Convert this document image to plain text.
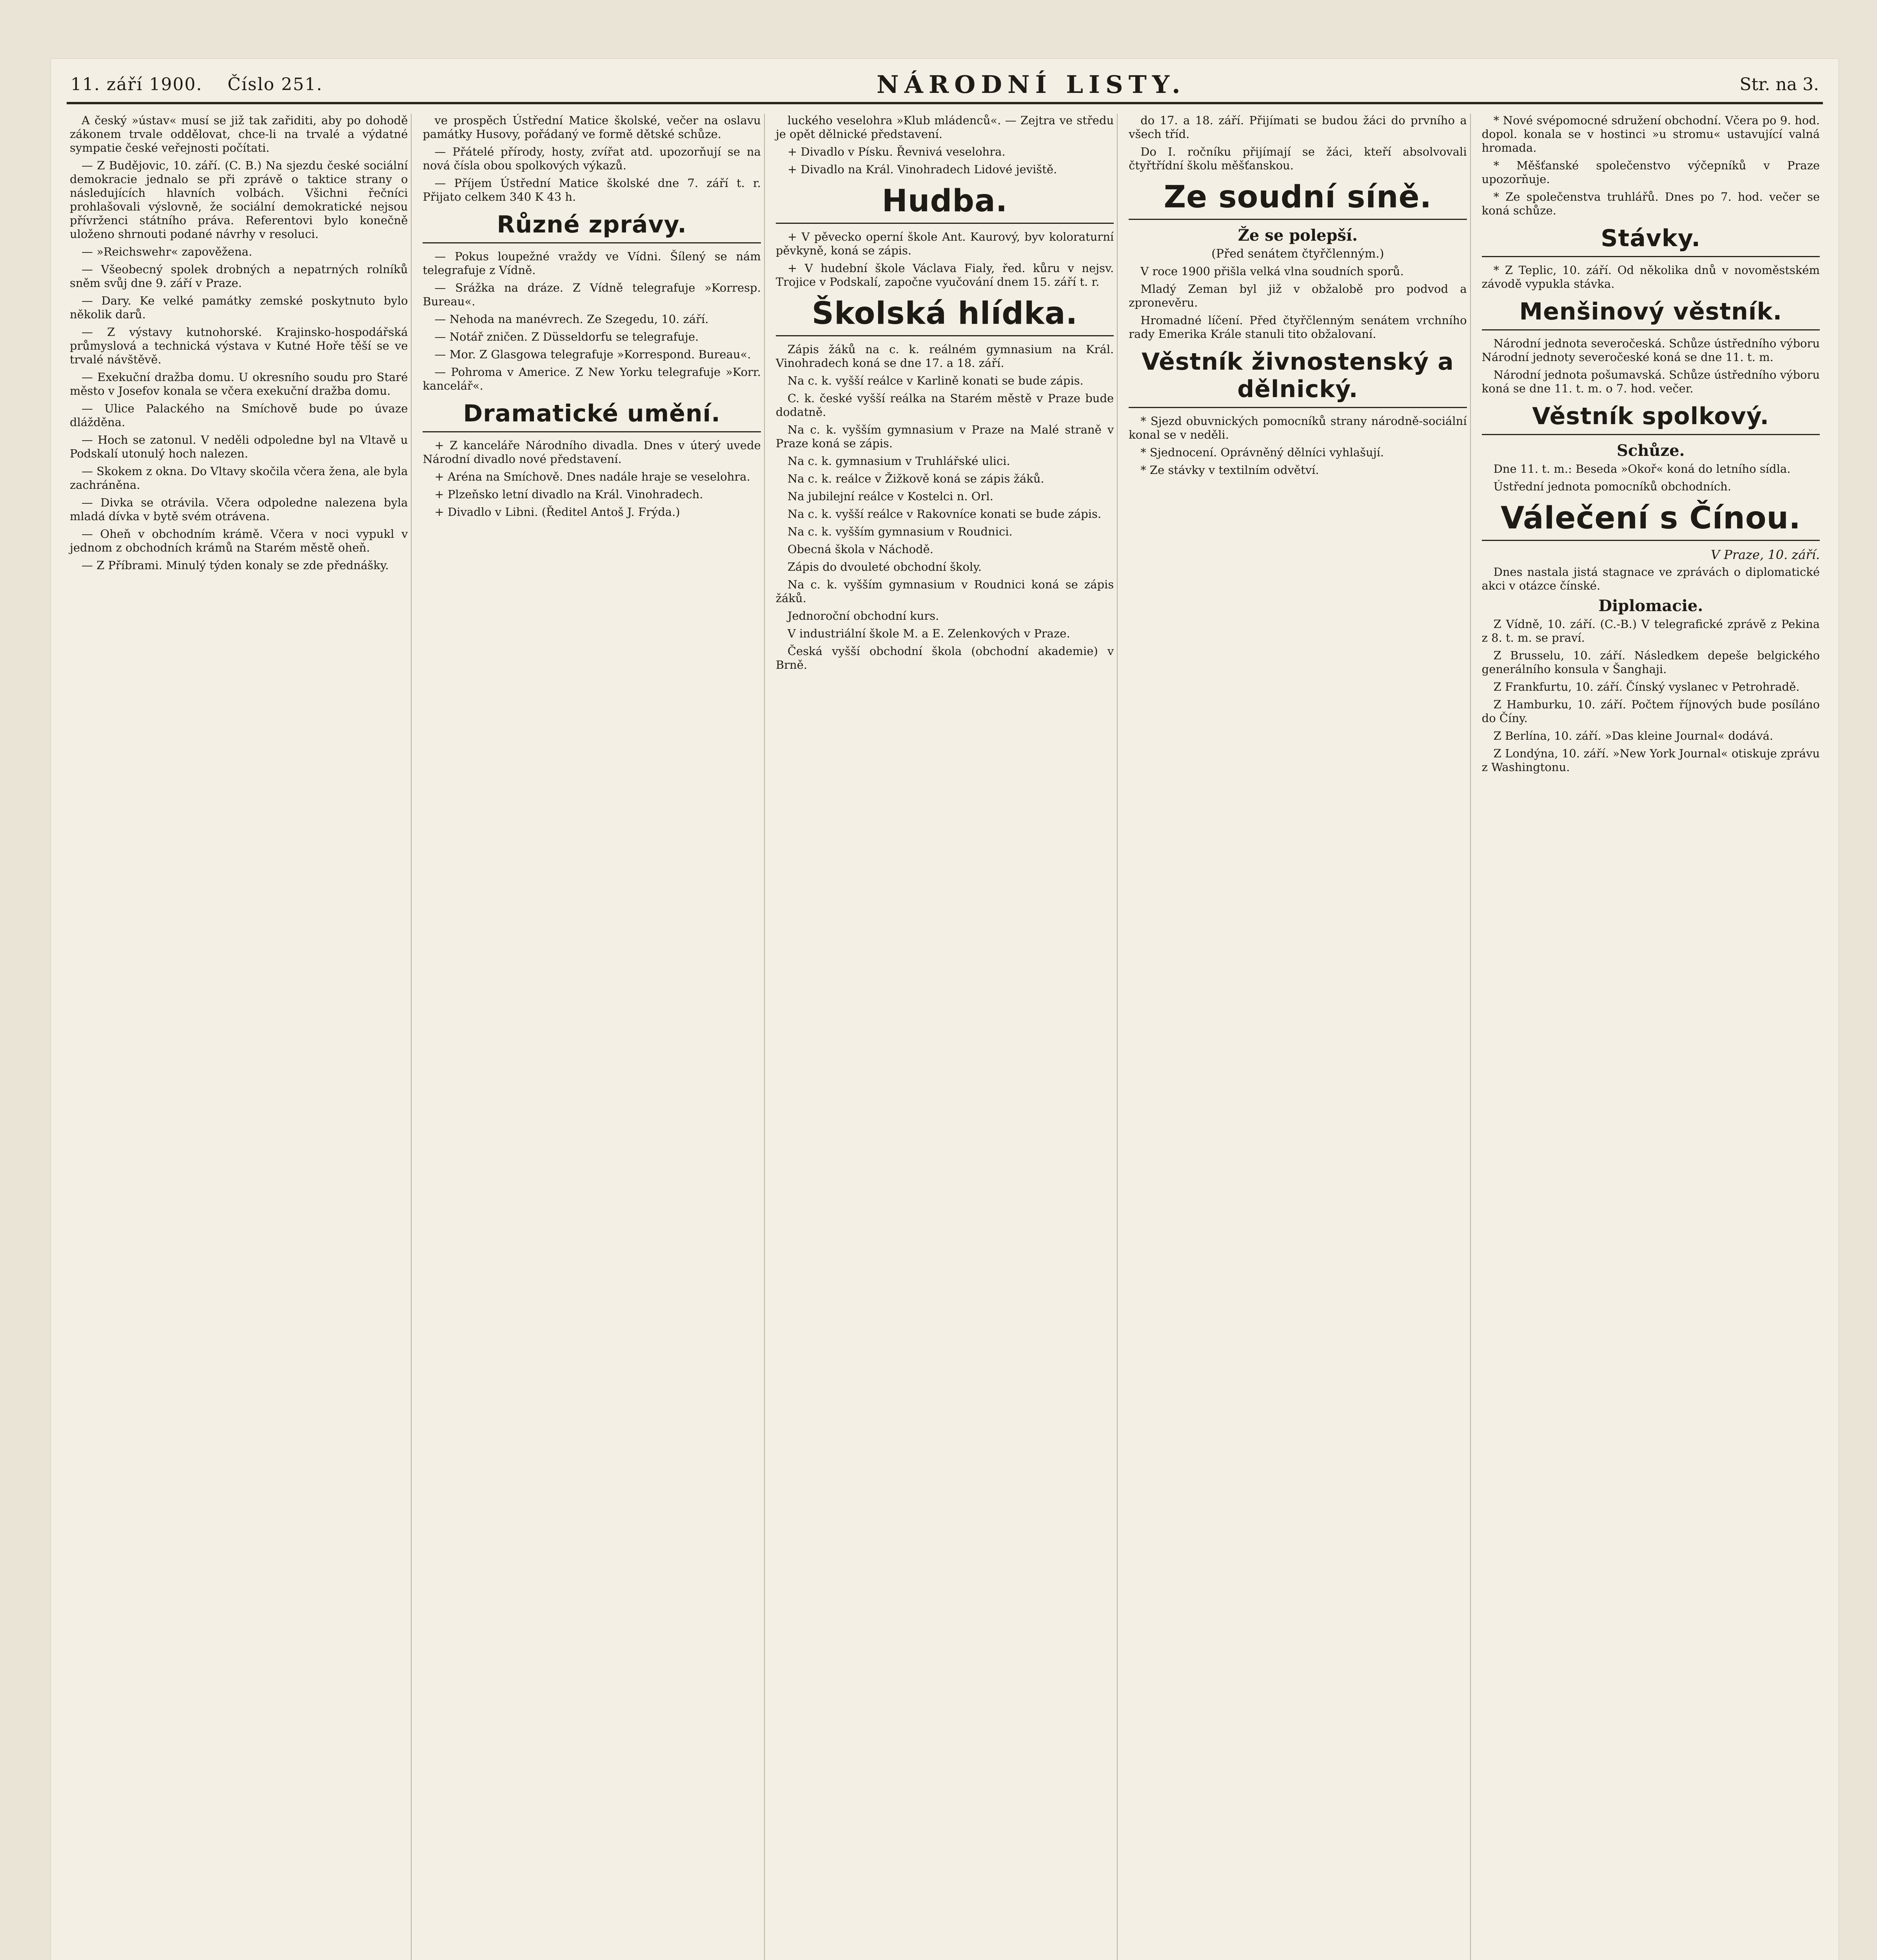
11. září 1900. Číslo 251.	NÁRODNÍ LISTY.	Str. na 3.

A český »ústav« musí se již tak zařiditi, aby po dohodě zákonem trvale oddělovat, chce-li na trvalé a výdatné sympatie české veřejnosti počítati.

— Z Budějovic, 10. září. (C. B.) Na sjezdu české sociální demokracie jednalo se při zprávě o taktice strany o následujících hlavních volbách. Všichni řečníci prohlašovali výslovně, že sociální demokratické nejsou přívrženci státního práva. Referentovi bylo konečně uloženo shrnouti podané návrhy v resoluci.

— »Reichswehr« zapověžena.

— Všeobecný spolek drobných a nepatrných rolníků sněm svůj dne 9. září v Praze.

— Dary. Ke velké památky zemské poskytnuto bylo několik darů.

— Z výstavy kutnohorské. Krajinsko-hospodářská průmyslová a technická výstava v Kutné Hoře těší se ve trvalé návštěvě.

— Exekuční dražba domu. U okresního soudu pro Staré město v Josefov konala se včera exekuční dražba domu.

— Ulice Palackého na Smíchově bude po úvaze dlážděna.

— Hoch se zatonul. V neděli odpoledne byl na Vltavě u Podskalí utonulý hoch nalezen.

— Skokem z okna. Do Vltavy skočila včera žena, ale byla zachráněna.

— Divka se otrávila. Včera odpoledne nalezena byla mladá dívka v bytě svém otrávena.

— Oheň v obchodním krámě. Včera v noci vypukl v jednom z obchodních krámů na Starém městě oheň.

— Z Příbrami. Minulý týden konaly se zde přednášky.

ve prospěch Ústřední Matice školské, večer na oslavu památky Husovy, pořádaný ve formě dětské schůze.

— Přátelé přírody, hosty, zvířat atd. upozorňují se na nová čísla obou spolkových výkazů.

— Příjem Ústřední Matice školské dne 7. září t. r. Přijato celkem 340 K 43 h.

Různé zprávy.

— Pokus loupežné vraždy ve Vídni. Šílený se nám telegrafuje z Vídně.

— Srážka na dráze. Z Vídně telegrafuje »Korresp. Bureau«.

— Nehoda na manévrech. Ze Szegedu, 10. září.

— Notář zničen. Z Düsseldorfu se telegrafuje.

— Mor. Z Glasgowa telegrafuje »Korrespond. Bureau«.

— Pohroma v Americe. Z New Yorku telegrafuje »Korr. kancelář«.

Dramatické umění.

+ Z kanceláře Národního divadla. Dnes v úterý uvede Národní divadlo nové představení.

+ Aréna na Smíchově. Dnes nadále hraje se veselohra.

+ Plzeňsko letní divadlo na Král. Vinohradech.

+ Divadlo v Libni. (Ředitel Antoš J. Frýda.)

luckého veselohra »Klub mládenců«. — Zejtra ve středu je opět dělnické představení.

+ Divadlo v Písku. Řevnivá veselohra.

+ Divadlo na Král. Vinohradech Lidové jeviště.

Hudba.

+ V pěvecko operní škole Ant. Kaurový, byv koloraturní pěvkyně, koná se zápis.

+ V hudební škole Václava Fialy, řed. kůru v nejsv. Trojice v Podskalí, započne vyučování dnem 15. září t. r.

Školská hlídka.

Zápis žáků na c. k. reálném gymnasium na Král. Vinohradech koná se dne 17. a 18. září.

Na c. k. vyšší reálce v Karlině konati se bude zápis.

C. k. české vyšší reálka na Starém městě v Praze bude dodatně.

Na c. k. vyšším gymnasium v Praze na Malé straně v Praze koná se zápis.

Na c. k. gymnasium v Truhlářské ulici.

Na c. k. reálce v Žižkově koná se zápis žáků.

Na jubilejní reálce v Kostelci n. Orl.

Na c. k. vyšší reálce v Rakovníce konati se bude zápis.

Na c. k. vyšším gymnasium v Roudnici.

Obecná škola v Náchodě.

Zápis do dvouleté obchodní školy.

Na c. k. vyšším gymnasium v Roudnici koná se zápis žáků.

Jednoroční obchodní kurs.

V industriální škole M. a E. Zelenkových v Praze.

Česká vyšší obchodní škola (obchodní akademie) v Brně.

do 17. a 18. září. Přijímati se budou žáci do prvního a všech tříd.

Do I. ročníku přijímají se žáci, kteří absolvovali čtyřtřídní školu měšťanskou.

Ze soudní síně.
Že se polepší.
(Před senátem čtyřčlenným.)

V roce 1900 přišla velká vlna soudních sporů.

Mladý Zeman byl již v obžalobě pro podvod a zpronevěru.

Hromadné líčení. Před čtyřčlenným senátem vrchního rady Emerika Krále stanuli tito obžalovaní.

Věstník živnostenský a dělnický.

* Sjezd obuvnických pomocníků strany národně-sociální konal se v neděli.

* Sjednocení. Oprávněný dělníci vyhlašují.

* Ze stávky v textilním odvětví.

* Nové svépomocné sdružení obchodní. Včera po 9. hod. dopol. konala se v hostinci »u stromu« ustavující valná hromada.

* Měšťanské společenstvo výčepníků v Praze upozorňuje.

* Ze společenstva truhlářů. Dnes po 7. hod. večer se koná schůze.

Stávky.

* Z Teplic, 10. září. Od několika dnů v novoměstském závodě vypukla stávka.

Menšinový věstník.

Národní jednota severočeská. Schůze ústředního výboru Národní jednoty severočeské koná se dne 11. t. m.

Národní jednota pošumavská. Schůze ústředního výboru koná se dne 11. t. m. o 7. hod. večer.

Věstník spolkový.
Schůze.

Dne 11. t. m.: Beseda »Okoř« koná do letního sídla.

Ústřední jednota pomocníků obchodních.

Válečení s Čínou.
V Praze, 10. září.

Dnes nastala jistá stagnace ve zprávách o diplomatické akci v otázce čínské.

Diplomacie.

Z Vídně, 10. září. (C.-B.) V telegrafické zprávě z Pekina z 8. t. m. se praví.

Z Brusselu, 10. září. Následkem depeše belgického generálního konsula v Šanghaji.

Z Frankfurtu, 10. září. Čínský vyslanec v Petrohradě.

Z Hamburku, 10. září. Počtem říjnových bude posíláno do Číny.

Z Berlína, 10. září. »Das kleine Journal« dodává.

Z Londýna, 10. září. »New York Journal« otiskuje zprávu z Washingtonu.
